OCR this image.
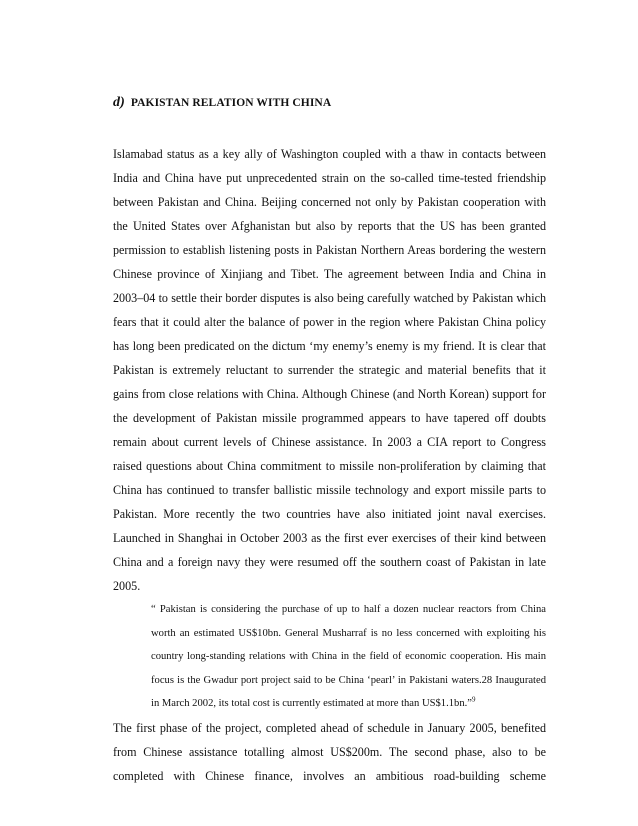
d) PAKISTAN RELATION WITH CHINA

Islamabad status as a key ally of Washington coupled with a thaw in contacts between India and China have put unprecedented strain on the so-called time-tested friendship between Pakistan and China. Beijing concerned not only by Pakistan cooperation with the United States over Afghanistan but also by reports that the US has been granted permission to establish listening posts in Pakistan Northern Areas bordering the western Chinese province of Xinjiang and Tibet. The agreement between India and China in 2003–04 to settle their border disputes is also being carefully watched by Pakistan which fears that it could alter the balance of power in the region where Pakistan China policy has long been predicated on the dictum ‘my enemy’s enemy is my friend. It is clear that Pakistan is extremely reluctant to surrender the strategic and material benefits that it gains from close relations with China. Although Chinese (and North Korean) support for the development of Pakistan missile programmed appears to have tapered off doubts remain about current levels of Chinese assistance. In 2003 a CIA report to Congress raised questions about China commitment to missile non-proliferation by claiming that China has continued to transfer ballistic missile technology and export missile parts to Pakistan. More recently the two countries have also initiated joint naval exercises. Launched in Shanghai in October 2003 as the first ever exercises of their kind between China and a foreign navy they were resumed off the southern coast of Pakistan in late 2005.

“ Pakistan is considering the purchase of up to half a dozen nuclear reactors from China worth an estimated US$10bn. General Musharraf is no less concerned with exploiting his country long-standing relations with China in the field of economic cooperation. His main focus is the Gwadur port project said to be China ‘pearl’ in Pakistani waters.28 Inaugurated in March 2002, its total cost is currently estimated at more than US$1.1bn.”$^9$

The first phase of the project, completed ahead of schedule in January 2005, benefited from Chinese assistance totalling almost US$200m. The second phase, also to be completed with Chinese finance, involves an ambitious road-building scheme
